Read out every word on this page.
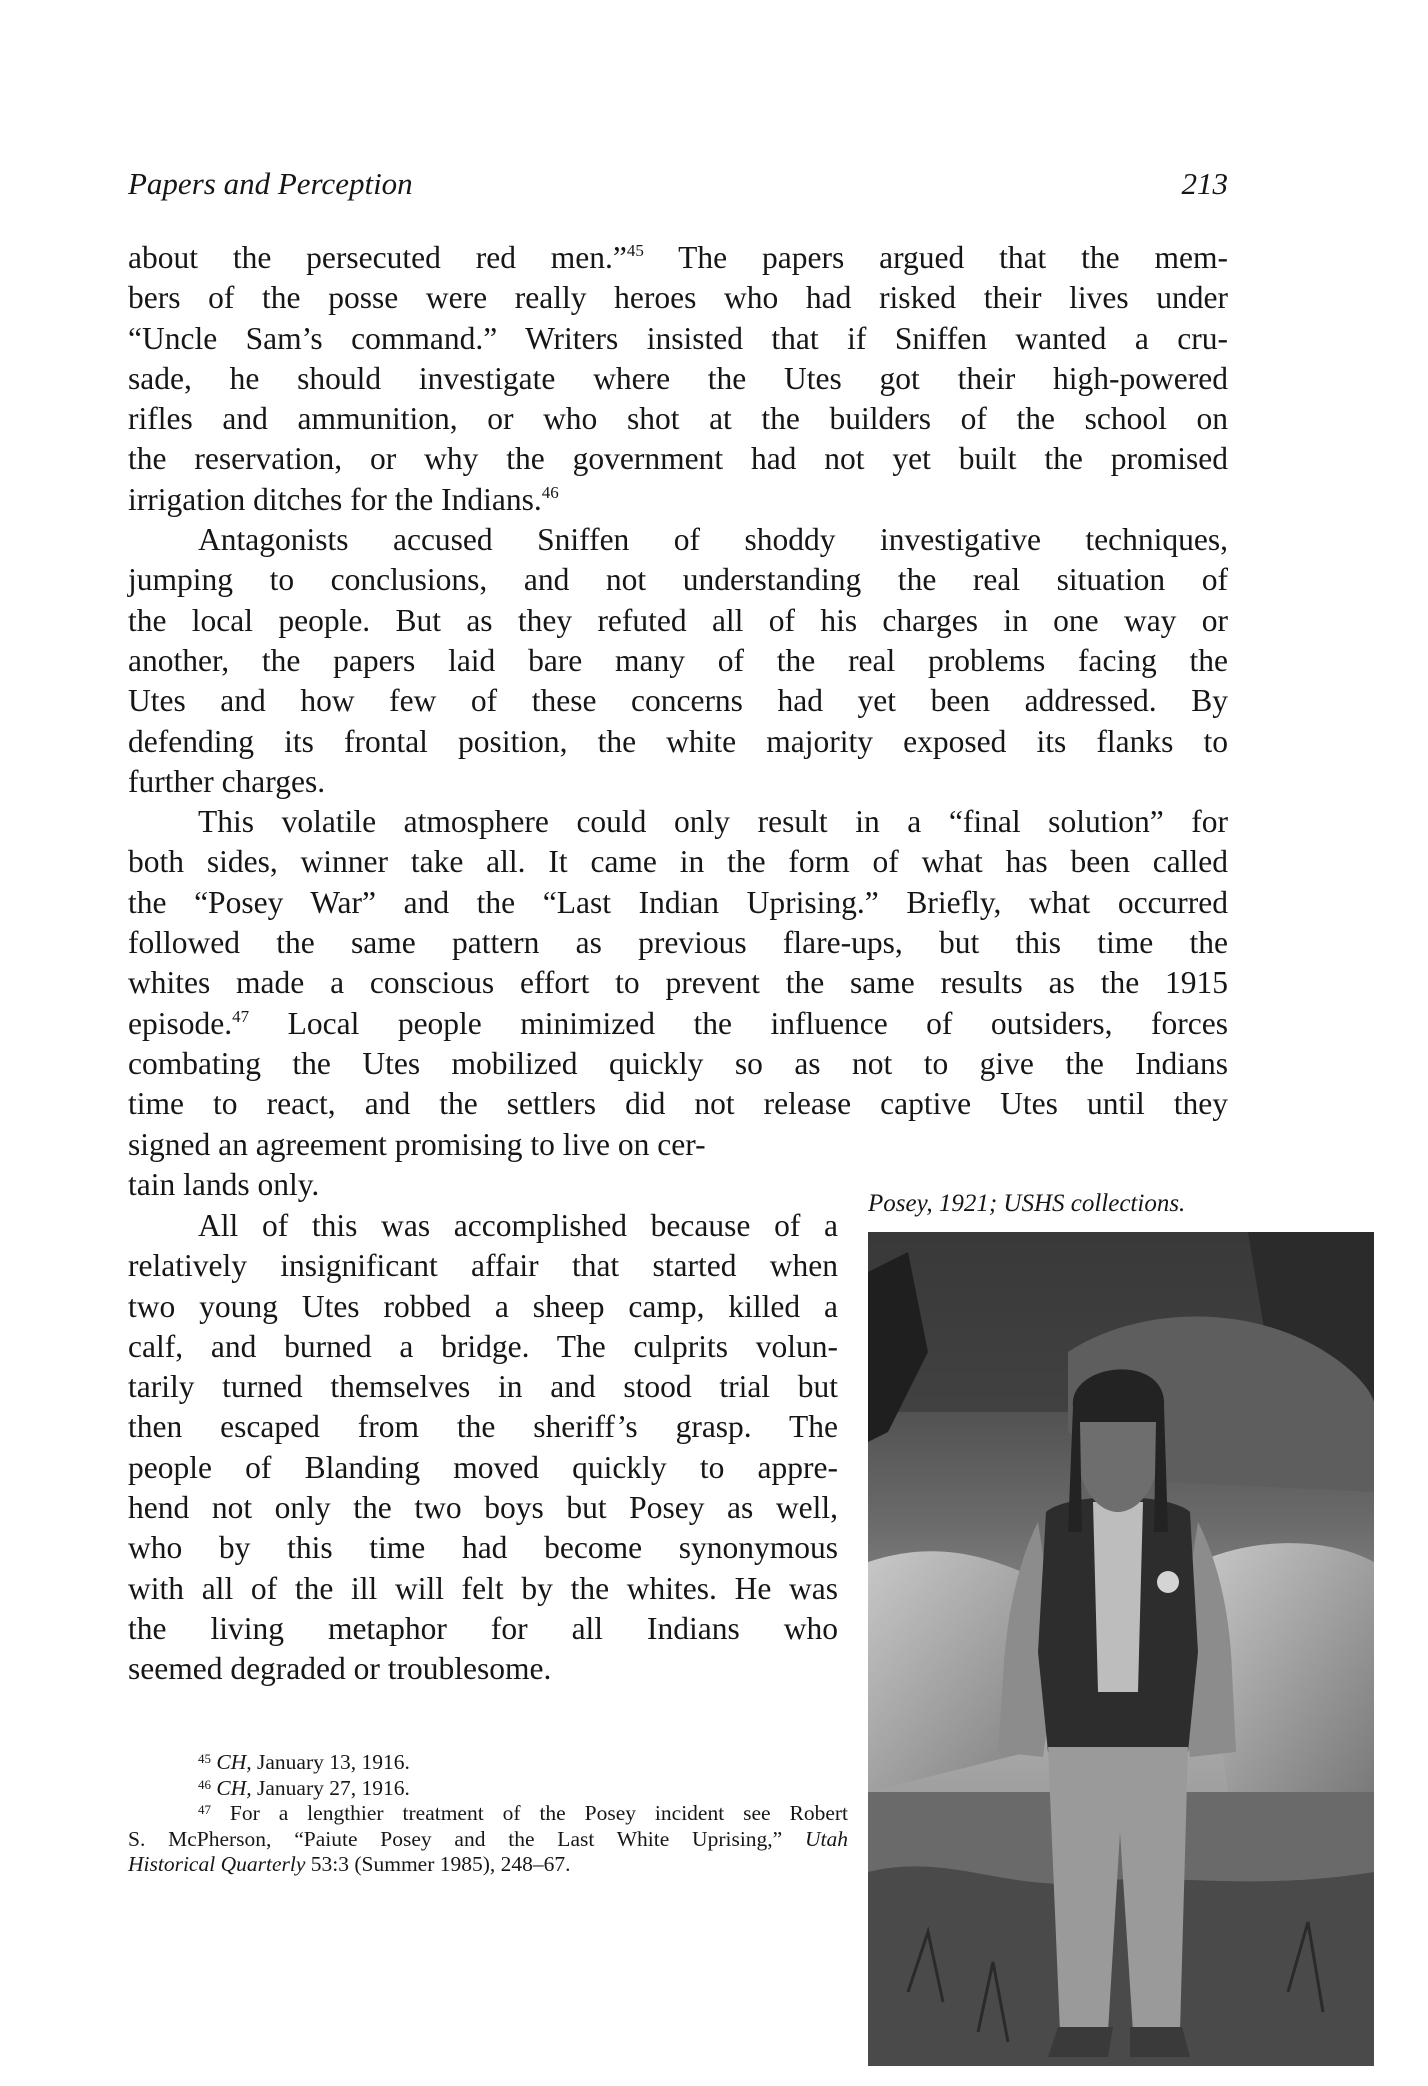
Papers and Perception	213
about the persecuted red men.”$^{45}$ The papers argued that the mem-
bers of the posse were really heroes who had risked their lives under
“Uncle Sam’s command.” Writers insisted that if Sniffen wanted a cru-
sade, he should investigate where the Utes got their high-powered
rifles and ammunition, or who shot at the builders of the school on
the reservation, or why the government had not yet built the promised
irrigation ditches for the Indians.$^{46}$
Antagonists accused Sniffen of shoddy investigative techniques,
jumping to conclusions, and not understanding the real situation of
the local people. But as they refuted all of his charges in one way or
another, the papers laid bare many of the real problems facing the
Utes and how few of these concerns had yet been addressed. By
defending its frontal position, the white majority exposed its flanks to
further charges.
This volatile atmosphere could only result in a “final solution” for
both sides, winner take all. It came in the form of what has been called
the “Posey War” and the “Last Indian Uprising.” Briefly, what occurred
followed the same pattern as previous flare-ups, but this time the
whites made a conscious effort to prevent the same results as the 1915
episode.$^{47}$ Local people minimized the influence of outsiders, forces
combating the Utes mobilized quickly so as not to give the Indians
time to react, and the settlers did not release captive Utes until they
signed an agreement promising to live on cer-
tain lands only.
All of this was accomplished because of a
relatively insignificant affair that started when
two young Utes robbed a sheep camp, killed a
calf, and burned a bridge. The culprits volun-
tarily turned themselves in and stood trial but
then escaped from the sheriff’s grasp. The
people of Blanding moved quickly to appre-
hend not only the two boys but Posey as well,
who by this time had become synonymous
with all of the ill will felt by the whites. He was
the living metaphor for all Indians who
seemed degraded or troublesome.
Posey, 1921; USHS collections.
$^{45}$ CH, January 13, 1916.
$^{46}$ CH, January 27, 1916.
$^{47}$ For a lengthier treatment of the Posey incident see Robert
S. McPherson, “Paiute Posey and the Last White Uprising,” Utah
Historical Quarterly 53:3 (Summer 1985), 248–67.
